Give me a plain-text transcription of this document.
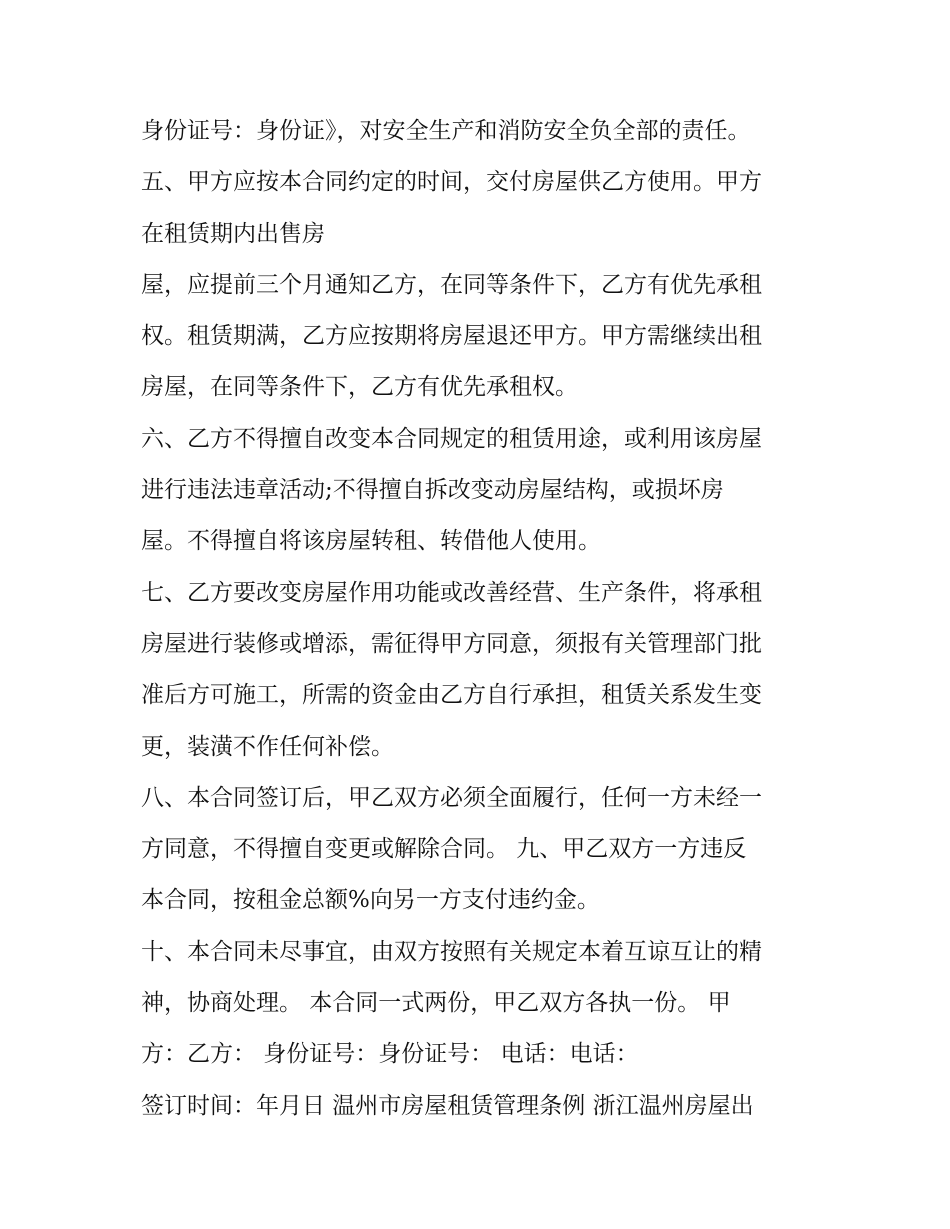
身份证号：身份证》，对安全生产和消防安全负全部的责任。
五、甲方应按本合同约定的时间，交付房屋供乙方使用。甲方
在租赁期内出售房
屋，应提前三个月通知乙方，在同等条件下，乙方有优先承租
权。租赁期满，乙方应按期将房屋退还甲方。甲方需继续出租
房屋，在同等条件下，乙方有优先承租权。
六、乙方不得擅自改变本合同规定的租赁用途，或利用该房屋
进行违法违章活动;不得擅自拆改变动房屋结构，或损坏房
屋。不得擅自将该房屋转租、转借他人使用。
七、乙方要改变房屋作用功能或改善经营、生产条件，将承租
房屋进行装修或增添，需征得甲方同意，须报有关管理部门批
准后方可施工，所需的资金由乙方自行承担，租赁关系发生变
更，装潢不作任何补偿。
八、本合同签订后，甲乙双方必须全面履行，任何一方未经一
方同意，不得擅自变更或解除合同。 九、甲乙双方一方违反
本合同，按租金总额%向另一方支付违约金。
十、本合同未尽事宜，由双方按照有关规定本着互谅互让的精
神，协商处理。 本合同一式两份，甲乙双方各执一份。 甲
方：乙方： 身份证号：身份证号： 电话：电话：
签订时间：年月日 温州市房屋租赁管理条例 浙江温州房屋出
